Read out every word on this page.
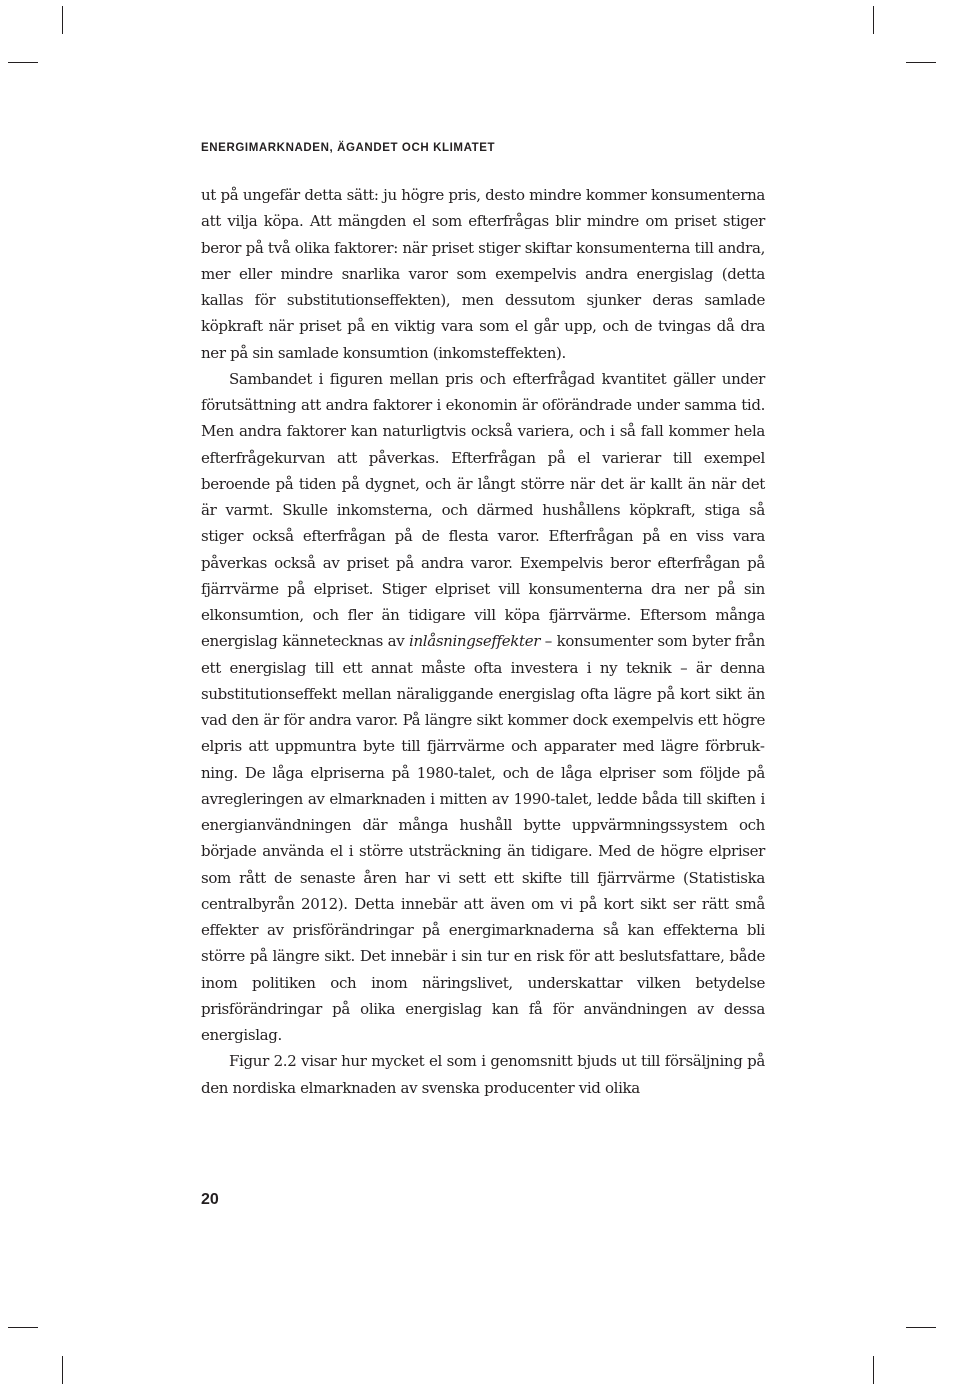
ENERGIMARKNADEN, ÄGANDET OCH KLIMATET

ut på ungefär detta sätt: ju högre pris, desto mindre kommer konsumenterna att vilja köpa. Att mängden el som efterfrågas blir mindre om priset stiger beror på två olika faktorer: när priset stiger skiftar konsumenterna till andra, mer eller mindre snarlika varor som exempelvis andra energislag (detta kallas för substitutionseffekten), men dessutom sjunker deras samlade köpkraft när priset på en viktig vara som el går upp, och de tvingas då dra ner på sin samlade konsumtion (inkomsteffekten).

Sambandet i figuren mellan pris och efterfrågad kvantitet gäller under förutsättning att andra faktorer i ekonomin är oförändrade under samma tid. Men andra faktorer kan naturligtvis också variera, och i så fall kommer hela efterfrågekurvan att påverkas. Efterfrågan på el varierar till exempel beroende på tiden på dygnet, och är långt större när det är kallt än när det är varmt. Skulle inkomsterna, och därmed hushållens köpkraft, stiga så stiger också efterfrågan på de flesta varor. Efterfrågan på en viss vara påverkas också av priset på andra varor. Exempelvis beror efterfrågan på fjärrvärme på elpriset. Stiger elpriset vill konsumenterna dra ner på sin elkonsumtion, och fler än tidigare vill köpa fjärrvärme. Eftersom många energislag kännetecknas av inlåsningseffekter – konsumenter som byter från ett energislag till ett annat måste ofta investera i ny teknik – är denna substitutionseffekt mellan näraliggande energislag ofta lägre på kort sikt än vad den är för andra varor. På längre sikt kommer dock exempelvis ett högre elpris att uppmuntra byte till fjärrvärme och apparater med lägre förbrukning. De låga elpriserna på 1980-talet, och de låga elpriser som följde på avregleringen av elmarknaden i mitten av 1990-talet, ledde båda till skiften i energianvändningen där många hushåll bytte uppvärmningssystem och började använda el i större utsträckning än tidigare. Med de högre elpriser som rått de senaste åren har vi sett ett skifte till fjärrvärme (Statistiska centralbyrån 2012). Detta innebär att även om vi på kort sikt ser rätt små effekter av prisförändringar på energimarknaderna så kan effekterna bli större på längre sikt. Det innebär i sin tur en risk för att beslutsfattare, både inom politiken och inom näringslivet, underskattar vilken betydelse prisförändringar på olika energislag kan få för användningen av dessa energislag.

Figur 2.2 visar hur mycket el som i genomsnitt bjuds ut till försäljning på den nordiska elmarknaden av svenska producenter vid olika

20
